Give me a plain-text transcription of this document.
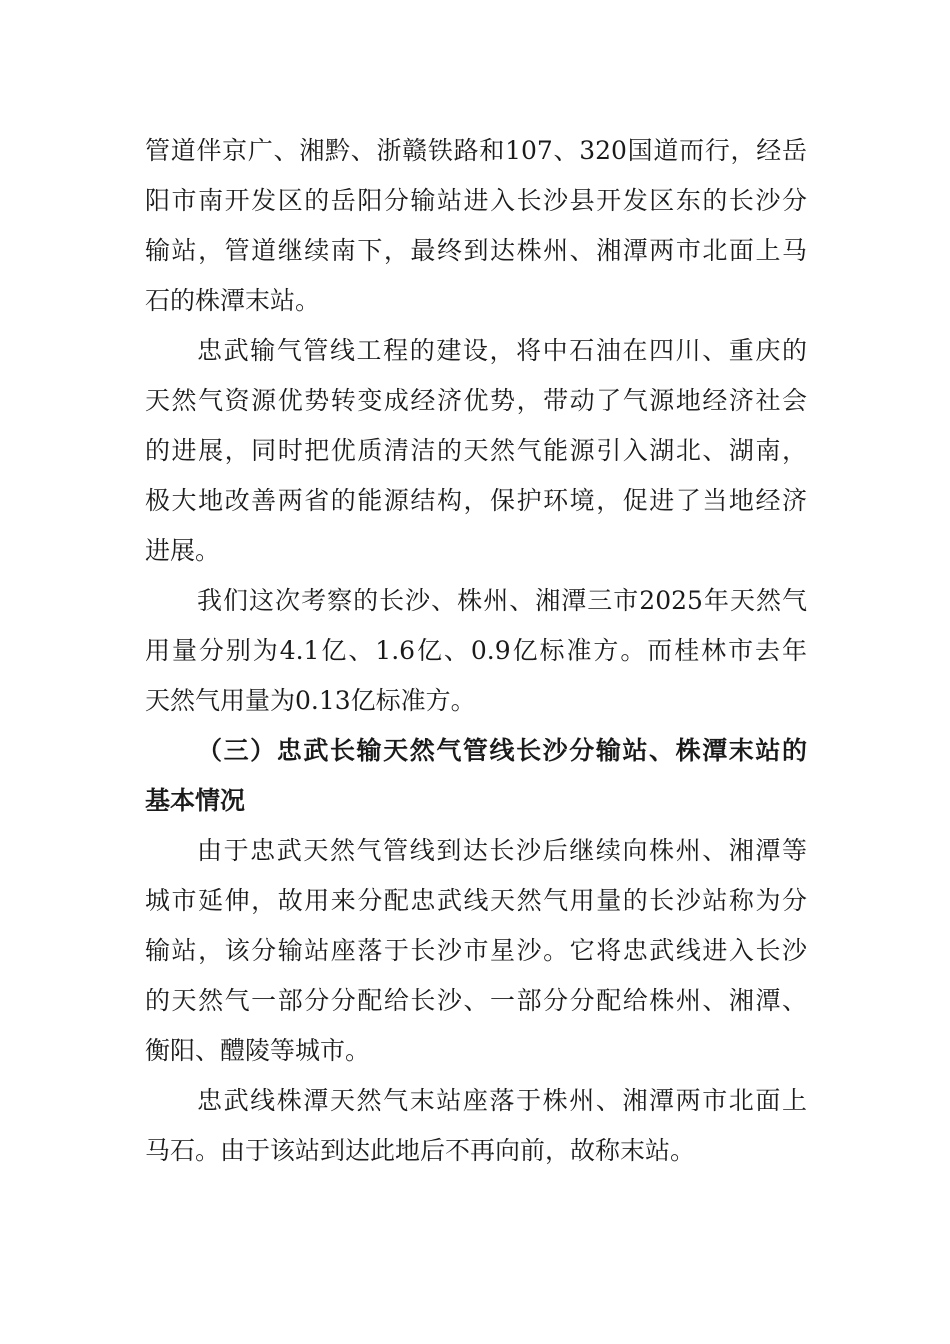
管道伴京广、湘黔、浙赣铁路和107、320国道而行，经岳
阳市南开发区的岳阳分输站进入长沙县开发区东的长沙分
输站，管道继续南下，最终到达株州、湘潭两市北面上马
石的株潭末站。
忠武输气管线工程的建设，将中石油在四川、重庆的
天然气资源优势转变成经济优势，带动了气源地经济社会
的进展，同时把优质清洁的天然气能源引入湖北、湖南，
极大地改善两省的能源结构，保护环境，促进了当地经济
进展。
我们这次考察的长沙、株州、湘潭三市2025年天然气
用量分别为4.1亿、1.6亿、0.9亿标准方。而桂林市去年
天然气用量为0.13亿标准方。
（三）忠武长输天然气管线长沙分输站、株潭末站的
基本情况
由于忠武天然气管线到达长沙后继续向株州、湘潭等
城市延伸，故用来分配忠武线天然气用量的长沙站称为分
输站，该分输站座落于长沙市星沙。它将忠武线进入长沙
的天然气一部分分配给长沙、一部分分配给株州、湘潭、
衡阳、醴陵等城市。
忠武线株潭天然气末站座落于株州、湘潭两市北面上
马石。由于该站到达此地后不再向前，故称末站。
